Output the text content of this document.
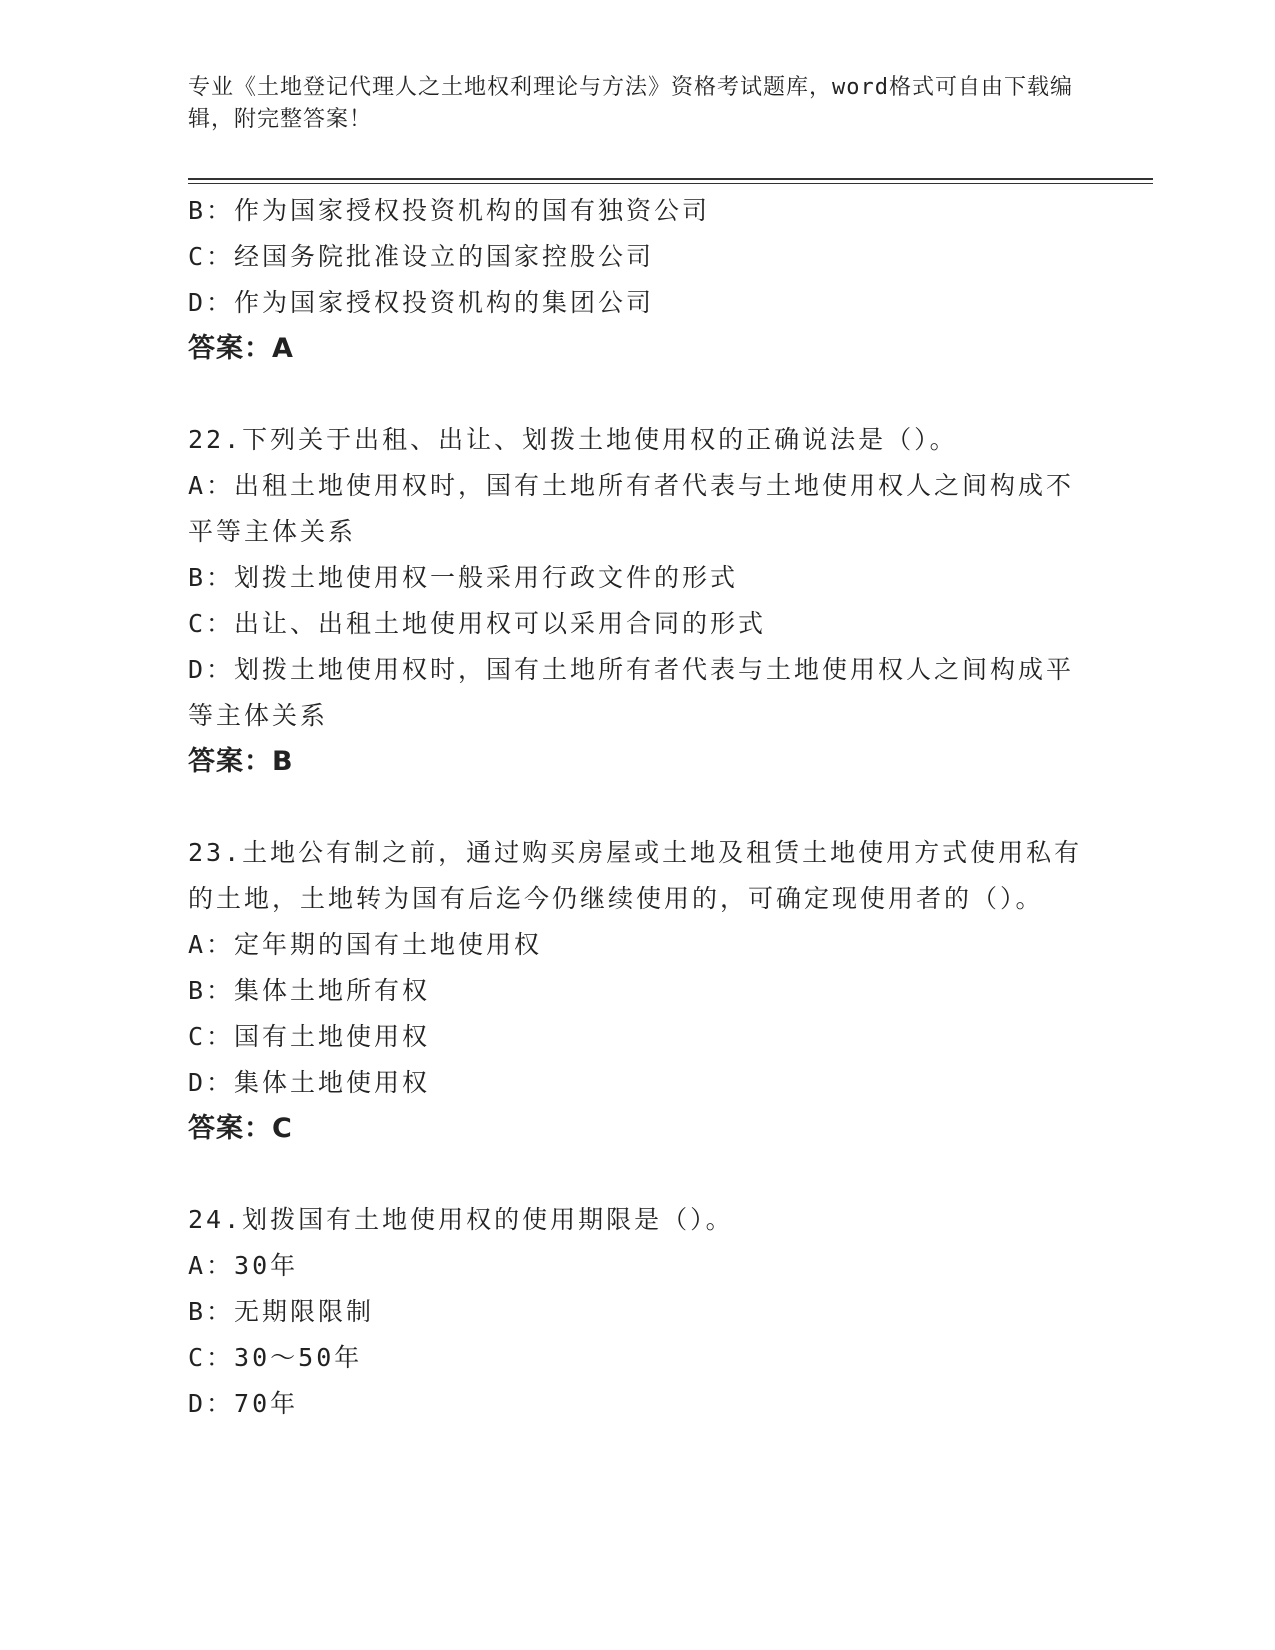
专业《土地登记代理人之土地权利理论与方法》资格考试题库，word格式可自由下载编辑，附完整答案！
B：作为国家授权投资机构的国有独资公司
C：经国务院批准设立的国家控股公司
D：作为国家授权投资机构的集团公司
答案：A
22.下列关于出租、出让、划拨土地使用权的正确说法是（）。
A：出租土地使用权时，国有土地所有者代表与土地使用权人之间构成不平等主体关系
B：划拨土地使用权一般采用行政文件的形式
C：出让、出租土地使用权可以采用合同的形式
D：划拨土地使用权时，国有土地所有者代表与土地使用权人之间构成平等主体关系
答案：B
23.土地公有制之前，通过购买房屋或土地及租赁土地使用方式使用私有的土地，土地转为国有后迄今仍继续使用的，可确定现使用者的（）。
A：定年期的国有土地使用权
B：集体土地所有权
C：国有土地使用权
D：集体土地使用权
答案：C
24.划拨国有土地使用权的使用期限是（）。
A：30年
B：无期限限制
C：30～50年
D：70年
